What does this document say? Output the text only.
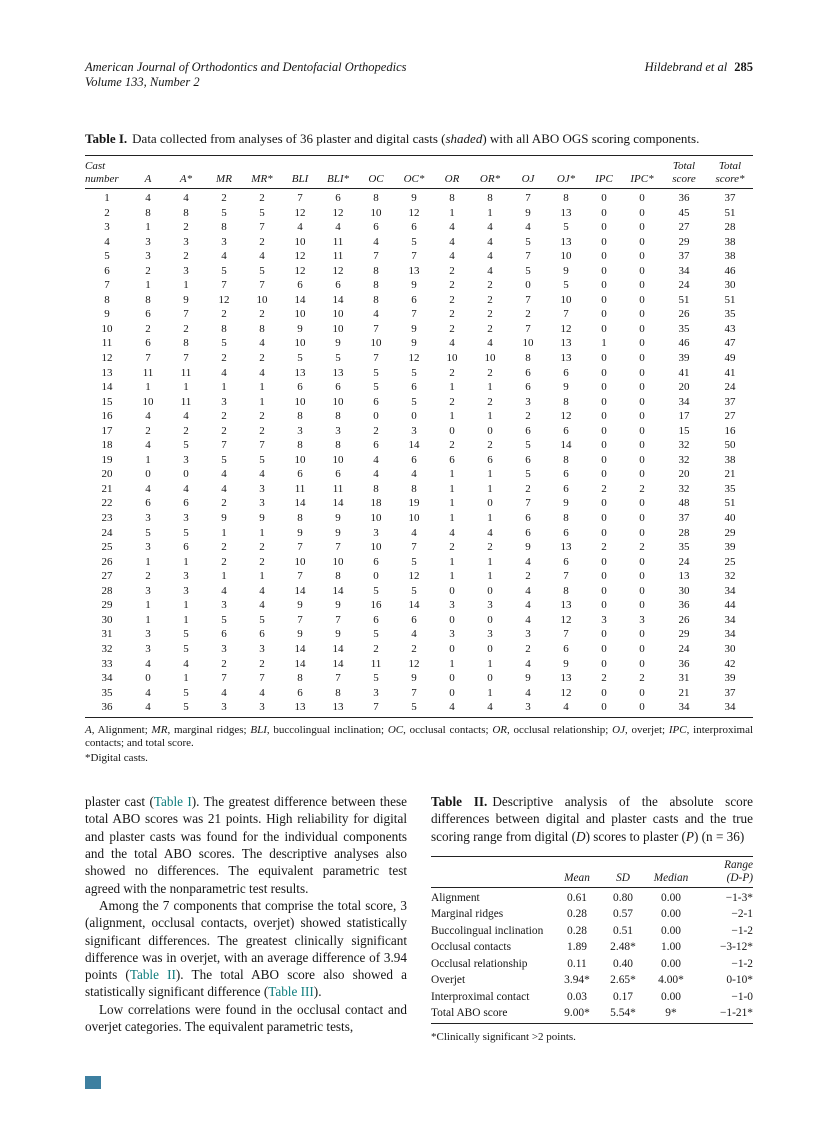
American Journal of Orthodontics and Dentofacial Orthopedics
Volume 133, Number 2
Hildebrand et al 285
Table I. Data collected from analyses of 36 plaster and digital casts (shaded) with all ABO OGS scoring components.
Cast
number	A	A*	MR	MR*	BLI	BLI*	OC	OC*	OR	OR*	OJ	OJ*	IPC	IPC*	Total
score	Total
score*
1	4	4	2	2	7	6	8	9	8	8	7	8	0	0	36	37
2	8	8	5	5	12	12	10	12	1	1	9	13	0	0	45	51
3	1	2	8	7	4	4	6	6	4	4	4	5	0	0	27	28
4	3	3	3	2	10	11	4	5	4	4	5	13	0	0	29	38
5	3	2	4	4	12	11	7	7	4	4	7	10	0	0	37	38
6	2	3	5	5	12	12	8	13	2	4	5	9	0	0	34	46
7	1	1	7	7	6	6	8	9	2	2	0	5	0	0	24	30
8	8	9	12	10	14	14	8	6	2	2	7	10	0	0	51	51
9	6	7	2	2	10	10	4	7	2	2	2	7	0	0	26	35
10	2	2	8	8	9	10	7	9	2	2	7	12	0	0	35	43
11	6	8	5	4	10	9	10	9	4	4	10	13	1	0	46	47
12	7	7	2	2	5	5	7	12	10	10	8	13	0	0	39	49
13	11	11	4	4	13	13	5	5	2	2	6	6	0	0	41	41
14	1	1	1	1	6	6	5	6	1	1	6	9	0	0	20	24
15	10	11	3	1	10	10	6	5	2	2	3	8	0	0	34	37
16	4	4	2	2	8	8	0	0	1	1	2	12	0	0	17	27
17	2	2	2	2	3	3	2	3	0	0	6	6	0	0	15	16
18	4	5	7	7	8	8	6	14	2	2	5	14	0	0	32	50
19	1	3	5	5	10	10	4	6	6	6	6	8	0	0	32	38
20	0	0	4	4	6	6	4	4	1	1	5	6	0	0	20	21
21	4	4	4	3	11	11	8	8	1	1	2	6	2	2	32	35
22	6	6	2	3	14	14	18	19	1	0	7	9	0	0	48	51
23	3	3	9	9	8	9	10	10	1	1	6	8	0	0	37	40
24	5	5	1	1	9	9	3	4	4	4	6	6	0	0	28	29
25	3	6	2	2	7	7	10	7	2	2	9	13	2	2	35	39
26	1	1	2	2	10	10	6	5	1	1	4	6	0	0	24	25
27	2	3	1	1	7	8	0	12	1	1	2	7	0	0	13	32
28	3	3	4	4	14	14	5	5	0	0	4	8	0	0	30	34
29	1	1	3	4	9	9	16	14	3	3	4	13	0	0	36	44
30	1	1	5	5	7	7	6	6	0	0	4	12	3	3	26	34
31	3	5	6	6	9	9	5	4	3	3	3	7	0	0	29	34
32	3	5	3	3	14	14	2	2	0	0	2	6	0	0	24	30
33	4	4	2	2	14	14	11	12	1	1	4	9	0	0	36	42
34	0	1	7	7	8	7	5	9	0	0	9	13	2	2	31	39
35	4	5	4	4	6	8	3	7	0	1	4	12	0	0	21	37
36	4	5	3	3	13	13	7	5	4	4	3	4	0	0	34	34
A, Alignment; MR, marginal ridges; BLI, buccolingual inclination; OC, occlusal contacts; OR, occlusal relationship; OJ, overjet; IPC, interproximal contacts; and total score.
*Digital casts.

plaster cast (Table I). The greatest difference between these total ABO scores was 21 points. High reliability for digital and plaster casts was found for the individual components and the total ABO scores. The descriptive analyses also showed no differences. The equivalent parametric test agreed with the nonparametric test results.

Among the 7 components that comprise the total score, 3 (alignment, occlusal contacts, overjet) showed statistically significant differences. The greatest clinically significant difference was in overjet, with an average difference of 3.94 points (Table II). The total ABO score also showed a statistically significant difference (Table III).

Low correlations were found in the occlusal contact and overjet categories. The equivalent parametric tests,

Table II. Descriptive analysis of the absolute score differences between digital and plaster casts and the true scoring range from digital (D) scores to plaster (P) (n = 36)
	Mean	SD	Median	Range
(D-P)
Alignment	0.61	0.80	0.00	−1-3*
Marginal ridges	0.28	0.57	0.00	−2-1
Buccolingual inclination	0.28	0.51	0.00	−1-2
Occlusal contacts	1.89	2.48*	1.00	−3-12*
Occlusal relationship	0.11	0.40	0.00	−1-2
Overjet	3.94*	2.65*	4.00*	0-10*
Interproximal contact	0.03	0.17	0.00	−1-0
Total ABO score	9.00*	5.54*	9*	−1-21*
*Clinically significant >2 points.
